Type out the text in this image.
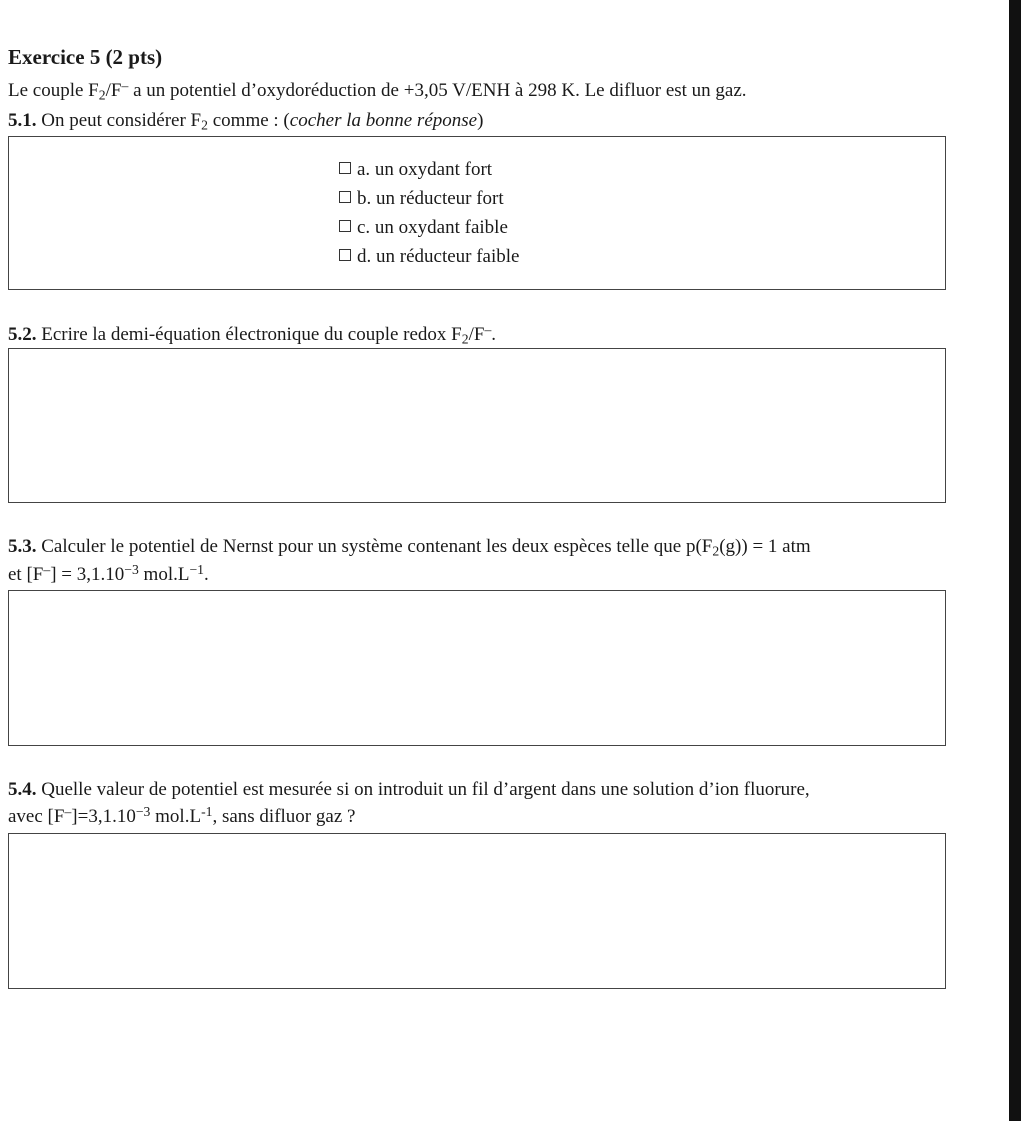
Exercice 5 (2 pts)
Le couple $F_2/F^-$ a un potentiel d’oxydoréduction de +3,05 V/ENH à 298 K. Le difluor est un gaz.
5.1. On peut considérer $F_2$ comme : (cocher la bonne réponse)
a. un oxydant fort
b. un réducteur fort
c. un oxydant faible
d. un réducteur faible
5.2. Ecrire la demi-équation électronique du couple redox $F_2/F^-$.
5.3. Calculer le potentiel de Nernst pour un système contenant les deux espèces telle que $p(F_2(g)) = 1$ atm
et $[F^-] = 3,1.10^{-3}$ $mol.L^{-1}$.
5.4. Quelle valeur de potentiel est mesurée si on introduit un fil d’argent dans une solution d’ion fluorure,
avec $[F^-]=3,1.10^{-3}$ $mol.L^{-1}$, sans difluor gaz ?
